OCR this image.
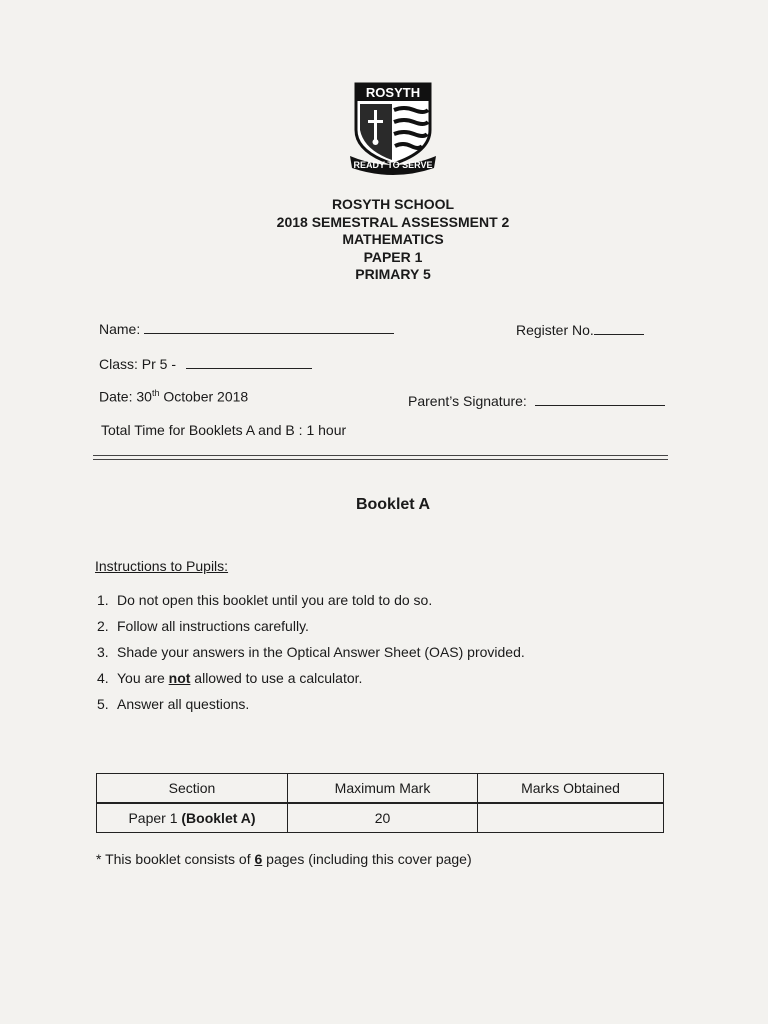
ROSYTH
READY TO SERVE
ROSYTH SCHOOL
2018 SEMESTRAL ASSESSMENT 2
MATHEMATICS
PAPER 1
PRIMARY 5
Name:	Register No.
Class: Pr 5 -
Date: 30th October 2018	Parent’s Signature:
Total Time for Booklets A and B : 1 hour
Booklet A
Instructions to Pupils:
1. Do not open this booklet until you are told to do so.
2. Follow all instructions carefully.
3. Shade your answers in the Optical Answer Sheet (OAS) provided.
4. You are not allowed to use a calculator.
5. Answer all questions.
Section	Maximum Mark	Marks Obtained
Paper 1 (Booklet A)	20	
* This booklet consists of 6 pages (including this cover page)
